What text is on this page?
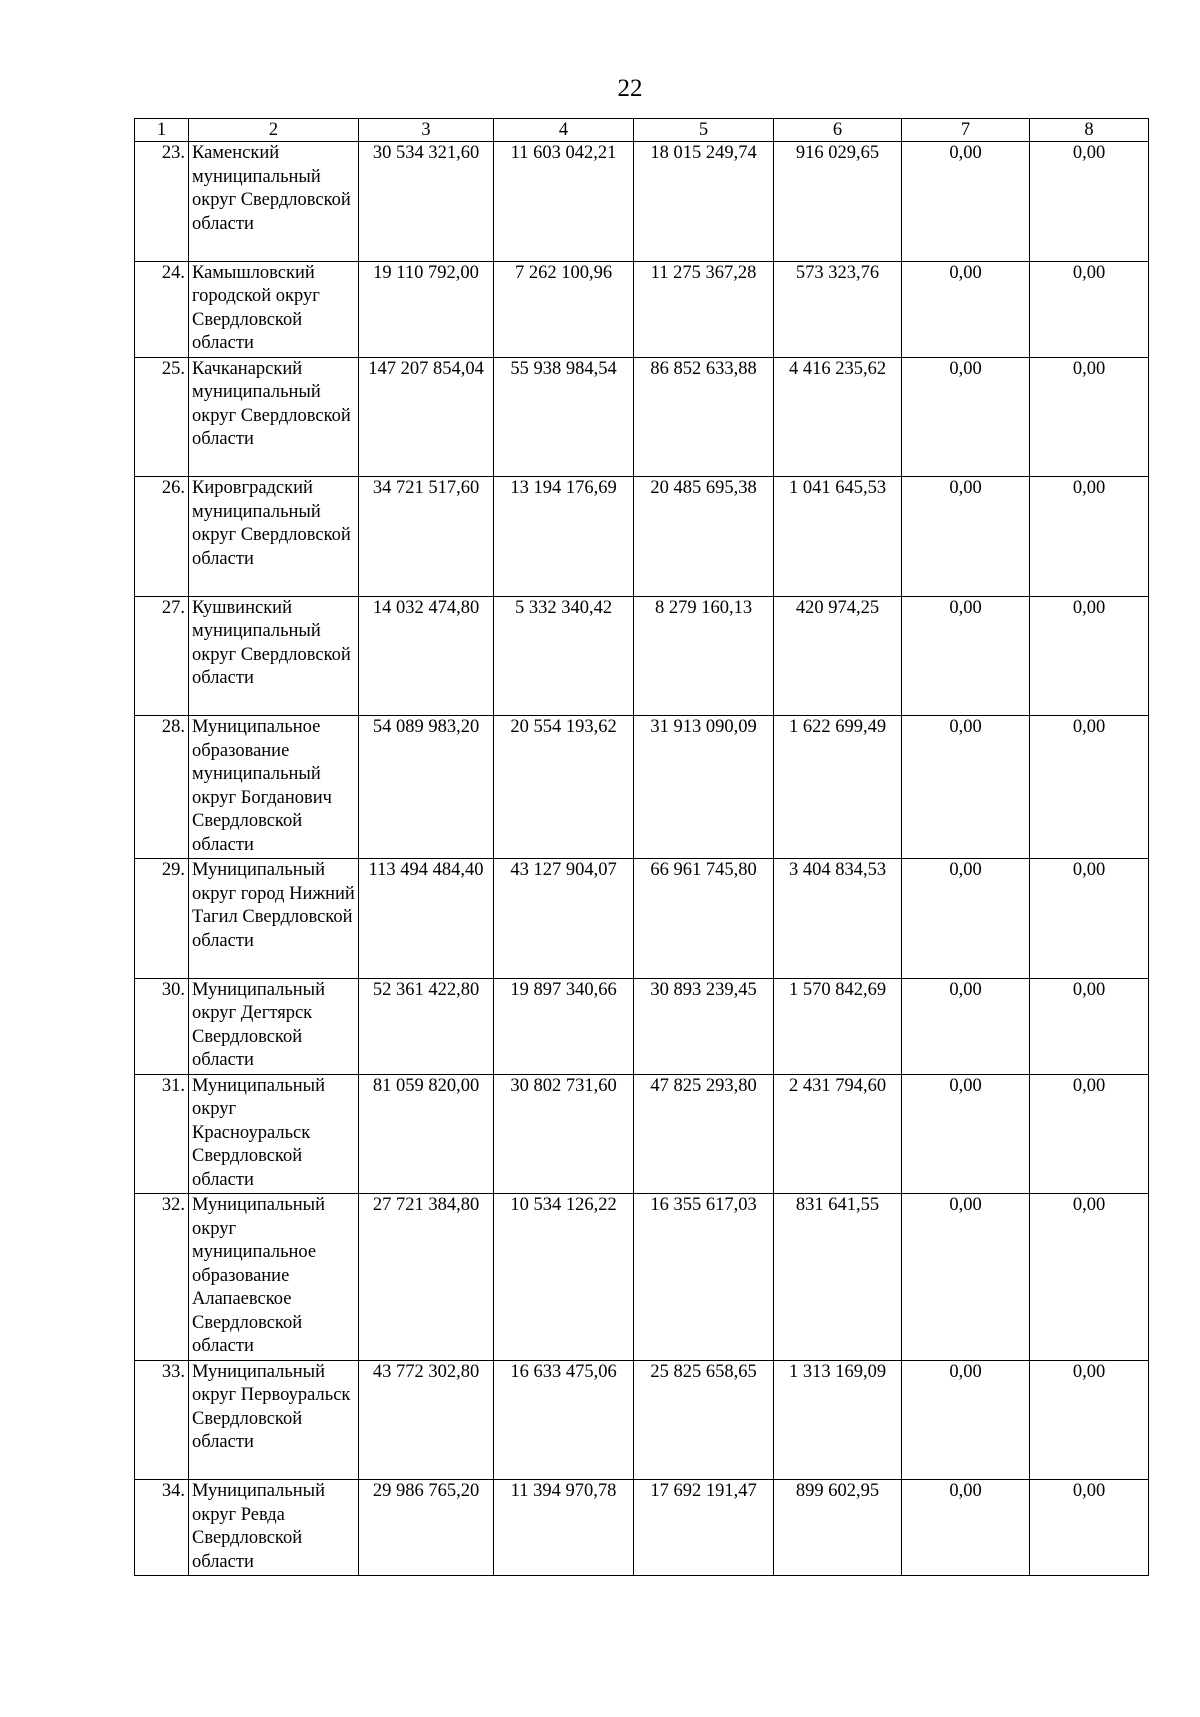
22
1	2	3	4	5	6	7	8
23.	Каменский муниципальный округ Свердловской области	30 534 321,60	11 603 042,21	18 015 249,74	916 029,65	0,00	0,00
24.	Камышловский городской округ Свердловской области	19 110 792,00	7 262 100,96	11 275 367,28	573 323,76	0,00	0,00
25.	Качканарский муниципальный округ Свердловской области	147 207 854,04	55 938 984,54	86 852 633,88	4 416 235,62	0,00	0,00
26.	Кировградский муниципальный округ Свердловской области	34 721 517,60	13 194 176,69	20 485 695,38	1 041 645,53	0,00	0,00
27.	Кушвинский муниципальный округ Свердловской области	14 032 474,80	5 332 340,42	8 279 160,13	420 974,25	0,00	0,00
28.	Муниципальное образование муниципальный округ Богданович Свердловской области	54 089 983,20	20 554 193,62	31 913 090,09	1 622 699,49	0,00	0,00
29.	Муниципальный округ город Нижний Тагил Свердловской области	113 494 484,40	43 127 904,07	66 961 745,80	3 404 834,53	0,00	0,00
30.	Муниципальный округ Дегтярск Свердловской области	52 361 422,80	19 897 340,66	30 893 239,45	1 570 842,69	0,00	0,00
31.	Муниципальный округ Красноуральск Свердловской области	81 059 820,00	30 802 731,60	47 825 293,80	2 431 794,60	0,00	0,00
32.	Муниципальный округ муниципальное образование Алапаевское Свердловской области	27 721 384,80	10 534 126,22	16 355 617,03	831 641,55	0,00	0,00
33.	Муниципальный округ Первоуральск Свердловской области	43 772 302,80	16 633 475,06	25 825 658,65	1 313 169,09	0,00	0,00
34.	Муниципальный округ Ревда Свердловской области	29 986 765,20	11 394 970,78	17 692 191,47	899 602,95	0,00	0,00
